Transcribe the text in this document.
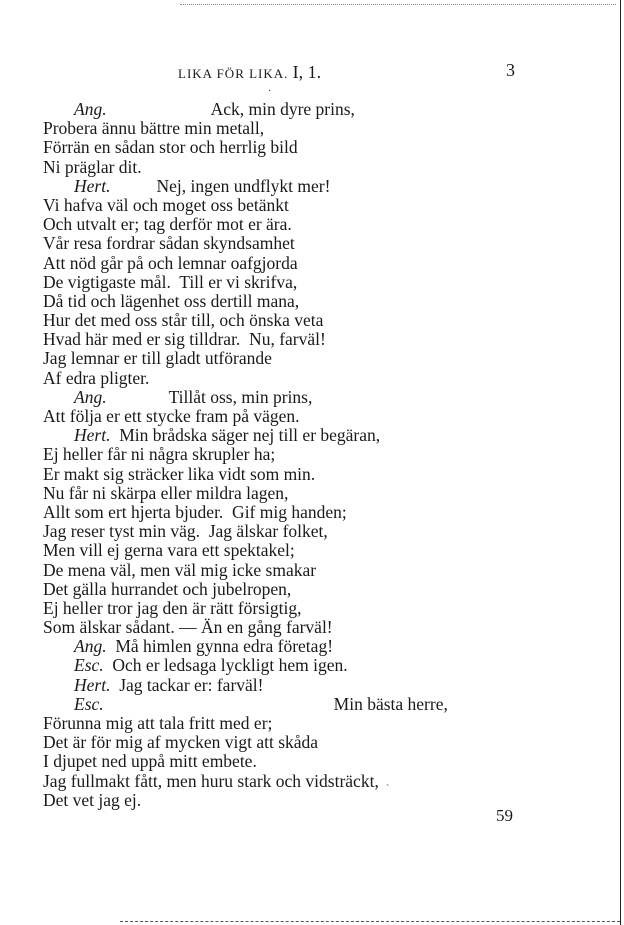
LIKA FÖR LIKA. I, 1.	3
·
Ang.	Ack, min dyre prins,
Probera ännu bättre min metall,
Förrän en sådan stor och herrlig bild
Ni präglar dit.
Hert.	Nej, ingen undflykt mer!
Vi hafva väl och moget oss betänkt
Och utvalt er; tag derför mot er ära.
Vår resa fordrar sådan skyndsamhet
Att nöd går på och lemnar oafgjorda
De vigtigaste mål.  Till er vi skrifva,
Då tid och lägenhet oss dertill mana,
Hur det med oss står till, och önska veta
Hvad här med er sig tilldrar.  Nu, farväl!
Jag lemnar er till gladt utförande
Af edra pligter.
Ang.	Tillåt oss, min prins,
Att följa er ett stycke fram på vägen.
Hert. Min brådska säger nej till er begäran,
Ej heller får ni några skrupler ha;
Er makt sig sträcker lika vidt som min.
Nu får ni skärpa eller mildra lagen,
Allt som ert hjerta bjuder.  Gif mig handen;
Jag reser tyst min väg.  Jag älskar folket,
Men vill ej gerna vara ett spektakel;
De mena väl, men väl mig icke smakar
Det gälla hurrandet och jubelropen,
Ej heller tror jag den är rätt försigtig,
Som älskar sådant. — Än en gång farväl!
Ang. Må himlen gynna edra företag!
Esc. Och er ledsaga lyckligt hem igen.
Hert. Jag tackar er: farväl!
Esc.	Min bästa herre,
Förunna mig att tala fritt med er;
Det är för mig af mycken vigt att skåda
I djupet ned uppå mitt embete.
Jag fullmakt fått, men huru stark och vidsträckt,
Det vet jag ej.
`
59
